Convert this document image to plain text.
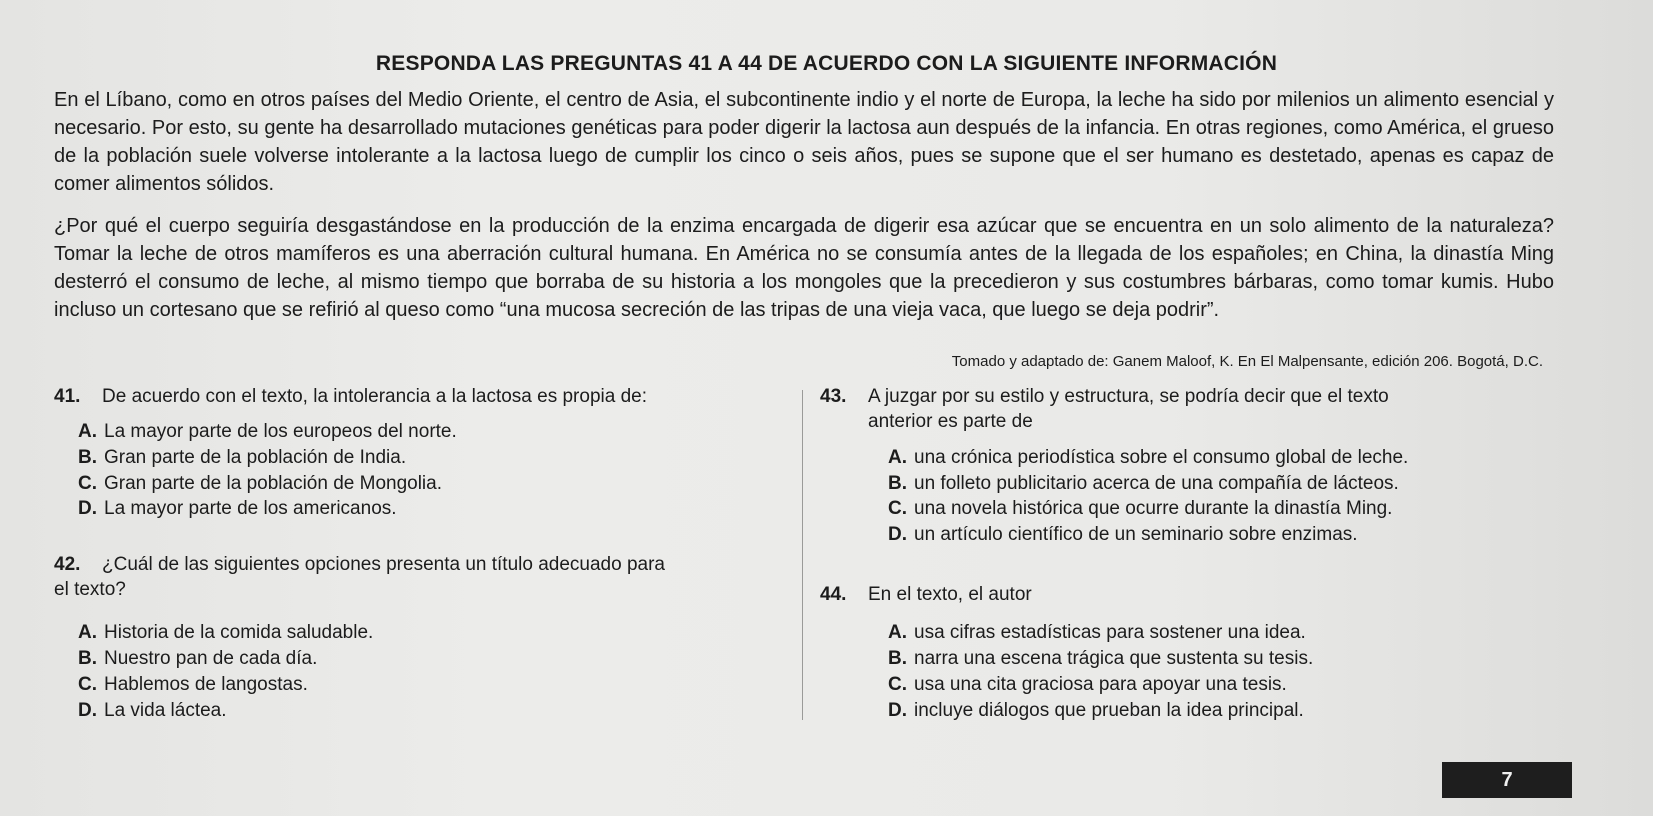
RESPONDA LAS PREGUNTAS 41 A 44 DE ACUERDO CON LA SIGUIENTE INFORMACIÓN

En el Líbano, como en otros países del Medio Oriente, el centro de Asia, el subcontinente indio y el norte de Europa, la leche ha sido por milenios un alimento esencial y necesario. Por esto, su gente ha desarrollado mutaciones genéticas para poder digerir la lactosa aun después de la infancia. En otras regiones, como América, el grueso de la población suele volverse intolerante a la lactosa luego de cumplir los cinco o seis años, pues se supone que el ser humano es destetado, apenas es capaz de comer alimentos sólidos.

¿Por qué el cuerpo seguiría desgastándose en la producción de la enzima encargada de digerir esa azúcar que se encuentra en un solo alimento de la naturaleza? Tomar la leche de otros mamíferos es una aberración cultural humana. En América no se consumía antes de la llegada de los españoles; en China, la dinastía Ming desterró el consumo de leche, al mismo tiempo que borraba de su historia a los mongoles que la precedieron y sus costumbres bárbaras, como tomar kumis. Hubo incluso un cortesano que se refirió al queso como “una mucosa secreción de las tripas de una vieja vaca, que luego se deja podrir”.

Tomado y adaptado de: Ganem Maloof, K. En El Malpensante, edición 206. Bogotá, D.C.
41. De acuerdo con el texto, la intolerancia a la lactosa es propia de:
A. La mayor parte de los europeos del norte.
B. Gran parte de la población de India.
C. Gran parte de la población de Mongolia.
D. La mayor parte de los americanos.
42. ¿Cuál de las siguientes opciones presenta un título adecuado para
el texto?
A. Historia de la comida saludable.
B. Nuestro pan de cada día.
C. Hablemos de langostas.
D. La vida láctea.
43. A juzgar por su estilo y estructura, se podría decir que el texto
anterior es parte de
A. una crónica periodística sobre el consumo global de leche.
B. un folleto publicitario acerca de una compañía de lácteos.
C. una novela histórica que ocurre durante la dinastía Ming.
D. un artículo científico de un seminario sobre enzimas.
44. En el texto, el autor
A. usa cifras estadísticas para sostener una idea.
B. narra una escena trágica que sustenta su tesis.
C. usa una cita graciosa para apoyar una tesis.
D. incluye diálogos que prueban la idea principal.
7
